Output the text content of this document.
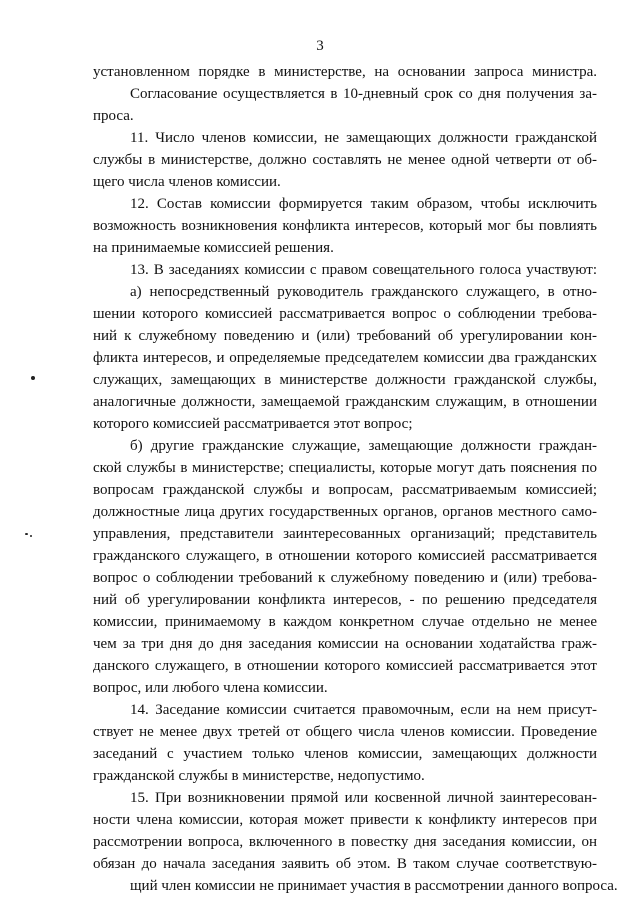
3
установленном порядке в министерстве, на основании запроса министра.
Согласование осуществляется в 10-дневный срок со дня получения за-
проса.
11. Число членов комиссии, не замещающих должности гражданской
службы в министерстве, должно составлять не менее одной четверти от об-
щего числа членов комиссии.
12. Состав комиссии формируется таким образом, чтобы исключить
возможность возникновения конфликта интересов, который мог бы повлиять
на принимаемые комиссией решения.
13. В заседаниях комиссии с правом совещательного голоса участвуют:
а) непосредственный руководитель гражданского служащего, в отно-
шении которого комиссией рассматривается вопрос о соблюдении требова-
ний к служебному поведению и (или) требований об урегулировании кон-
фликта интересов, и определяемые председателем комиссии два гражданских
служащих, замещающих в министерстве должности гражданской службы,
аналогичные должности, замещаемой гражданским служащим, в отношении
которого комиссией рассматривается этот вопрос;
б) другие гражданские служащие, замещающие должности граждан-
ской службы в министерстве; специалисты, которые могут дать пояснения по
вопросам гражданской службы и вопросам, рассматриваемым комиссией;
должностные лица других государственных органов, органов местного само-
управления, представители заинтересованных организаций; представитель
гражданского служащего, в отношении которого комиссией рассматривается
вопрос о соблюдении требований к служебному поведению и (или) требова-
ний об урегулировании конфликта интересов, - по решению председателя
комиссии, принимаемому в каждом конкретном случае отдельно не менее
чем за три дня до дня заседания комиссии на основании ходатайства граж-
данского служащего, в отношении которого комиссией рассматривается этот
вопрос, или любого члена комиссии.
14. Заседание комиссии считается правомочным, если на нем присут-
ствует не менее двух третей от общего числа членов комиссии. Проведение
заседаний с участием только членов комиссии, замещающих должности
гражданской службы в министерстве, недопустимо.
15. При возникновении прямой или косвенной личной заинтересован-
ности члена комиссии, которая может привести к конфликту интересов при
рассмотрении вопроса, включенного в повестку дня заседания комиссии, он
обязан до начала заседания заявить об этом. В таком случае соответствую-
щий член комиссии не принимает участия в рассмотрении данного вопроса.
